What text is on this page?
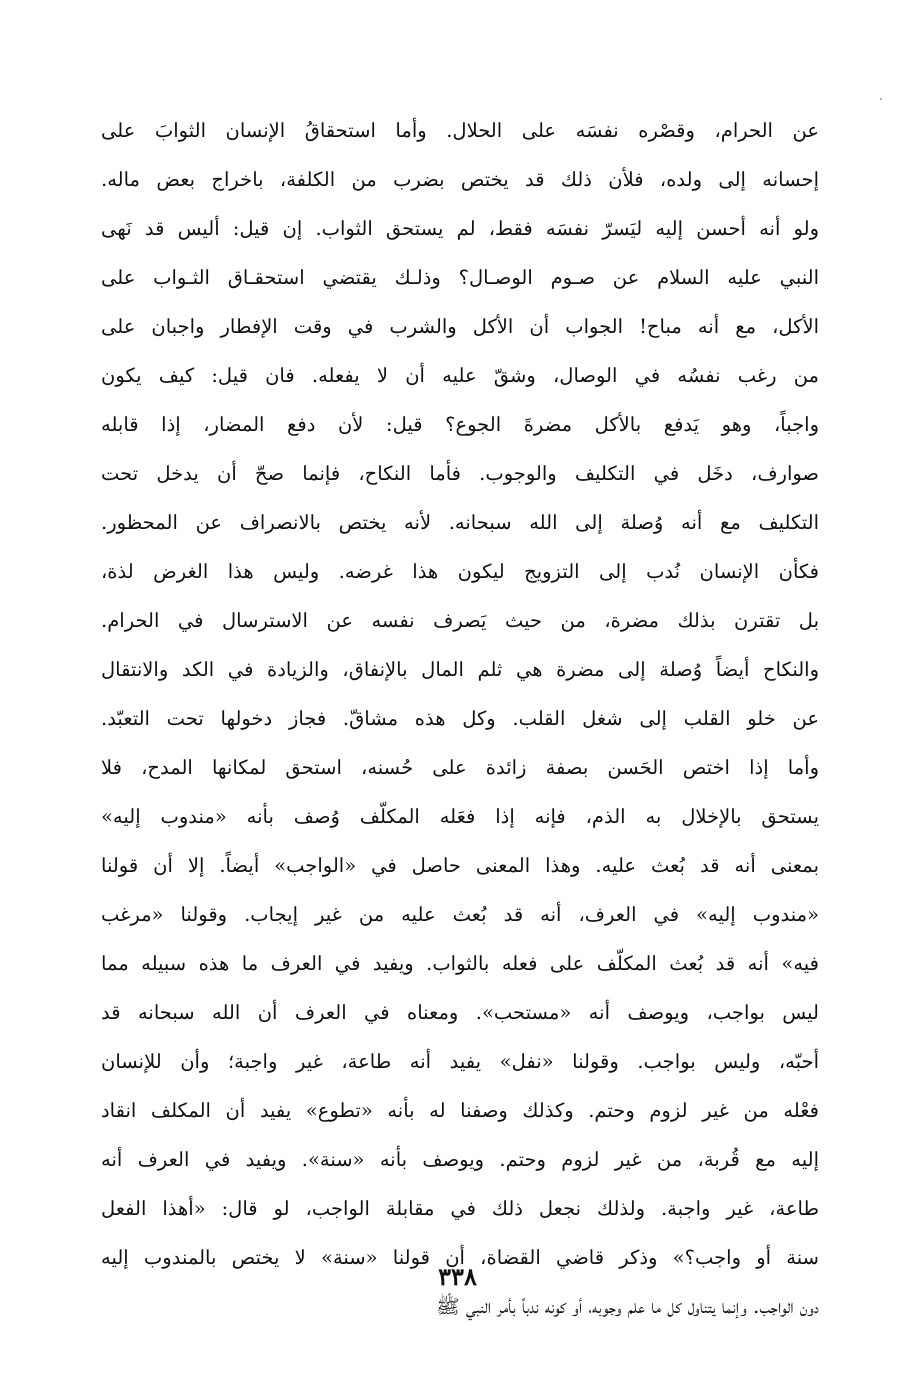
عن الحرام، وقصْره نفسَه على الحلال. وأما استحقاقُ الإنسان الثوابَ على
إحسانه إلى ولده، فلأن ذلك قد يختص بضرب من الكلفة، باخراج بعض ماله.
ولو أنه أحسن إليه ليَسرّ نفسَه فقط، لم يستحق الثواب. إن قيل: أليس قد نَهى
النبي عليه السلام عن صـوم الوصـال؟ وذلـك يقتضي استحقـاق الثـواب على
الأكل، مع أنه مباح! الجواب أن الأكل والشرب في وقت الإفطار واجبان على
من رغب نفسُه في الوصال، وشقّ عليه أن لا يفعله. فان قيل: كيف يكون
واجباً، وهو يَدفع بالأكل مضرةَ الجوع؟ قيل: لأن دفع المضار، إذا قابله
صوارف، دخَل في التكليف والوجوب. فأما النكاح، فإنما صحّ أن يدخل تحت
التكليف مع أنه وُصلة إلى الله سبحانه. لأنه يختص بالانصراف عن المحظور.
فكأن الإنسان نُدب إلى التزويج ليكون هذا غرضه. وليس هذا الغرض لذة،
بل تقترن بذلك مضرة، من حيث يَصرف نفسه عن الاسترسال في الحرام.
والنكاح أيضاً وُصلة إلى مضرة هي ثلم المال بالإنفاق، والزيادة في الكد والانتقال
عن خلو القلب إلى شغل القلب. وكل هذه مشاقّ. فجاز دخولها تحت التعبّد.
وأما إذا اختص الحَسن بصفة زائدة على حُسنه، استحق لمكانها المدح، فلا
يستحق بالإخلال به الذم، فإنه إذا فعَله المكلّف وُصف بأنه «مندوب إليه»
بمعنى أنه قد بُعث عليه. وهذا المعنى حاصل في «الواجب» أيضاً. إلا أن قولنا
«مندوب إليه» في العرف، أنه قد بُعث عليه من غير إيجاب. وقولنا «مرغب
فيه» أنه قد بُعث المكلّف على فعله بالثواب. ويفيد في العرف ما هذه سبيله مما
ليس بواجب، ويوصف أنه «مستحب». ومعناه في العرف أن الله سبحانه قد
أحبّه، وليس بواجب. وقولنا «نفل» يفيد أنه طاعة، غير واجبة؛ وأن للإنسان
فعْله من غير لزوم وحتم. وكذلك وصفنا له بأنه «تطوع» يفيد أن المكلف انقاد
إليه مع قُربة، من غير لزوم وحتم. ويوصف بأنه «سنة». ويفيد في العرف أنه
طاعة، غير واجبة. ولذلك نجعل ذلك في مقابلة الواجب، لو قال: «أهذا الفعل
سنة أو واجب؟» وذكر قاضي القضاة، أن قولنا «سنة» لا يختص بالمندوب إليه
دون الواجب. وإنما يتناول كل ما علم وجوبه، أو كونه ندباً بأمر النبي ﷺ
٣٣٨
